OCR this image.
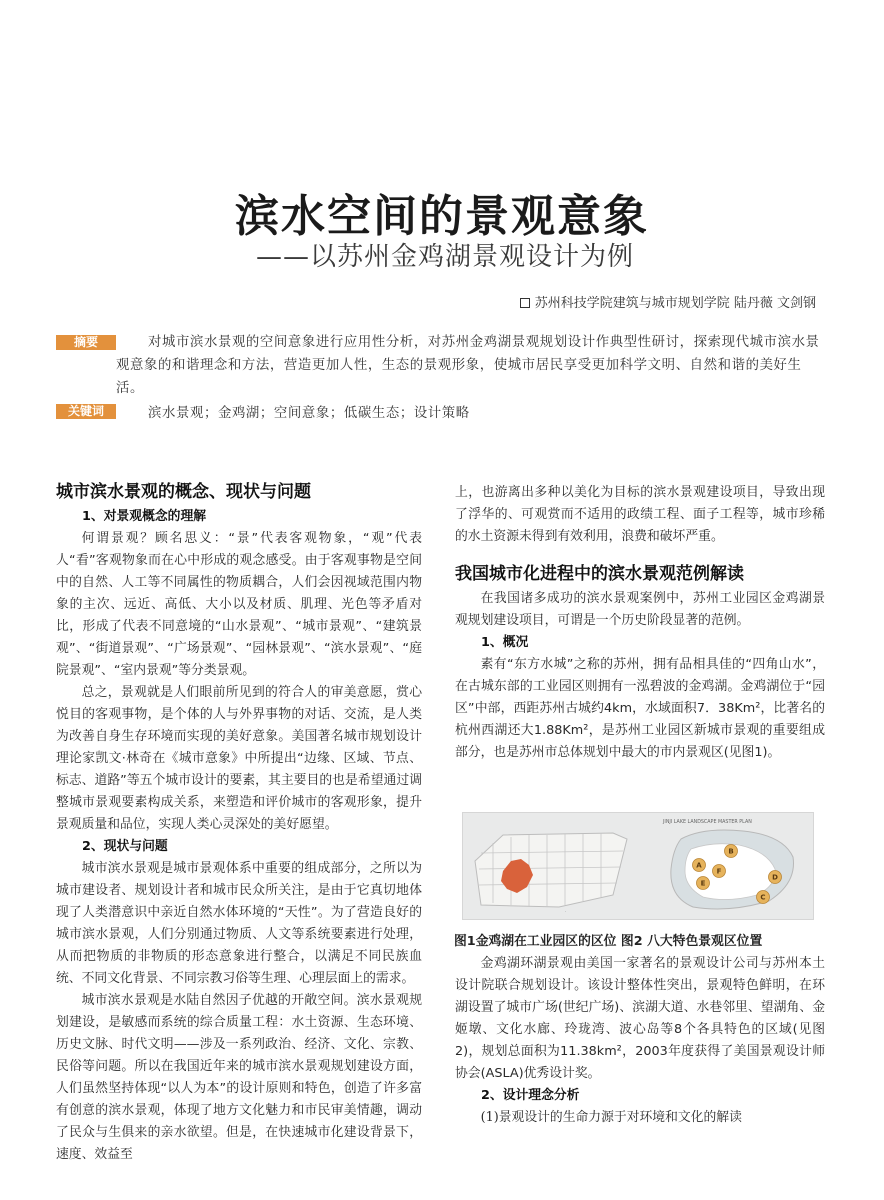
滨水空间的景观意象
——以苏州金鸡湖景观设计为例
苏州科技学院建筑与城市规划学院 陆丹薇 文剑钢
摘要	对城市滨水景观的空间意象进行应用性分析，对苏州金鸡湖景观规划设计作典型性研讨，探索现代城市滨水景观意象的和谐理念和方法，营造更加人性，生态的景观形象，使城市居民享受更加科学文明、自然和谐的美好生活。
关键词	滨水景观；金鸡湖；空间意象；低碳生态；设计策略
城市滨水景观的概念、现状与问题
1、对景观概念的理解

何谓景观？顾名思义：“景”代表客观物象，“观”代表人“看”客观物象而在心中形成的观念感受。由于客观事物是空间中的自然、人工等不同属性的物质耦合，人们会因视域范围内物象的主次、远近、高低、大小以及材质、肌理、光色等矛盾对比，形成了代表不同意境的“山水景观”、“城市景观”、“建筑景观”、“街道景观”、“广场景观”、“园林景观”、“滨水景观”、“庭院景观”、“室内景观”等分类景观。

总之，景观就是人们眼前所见到的符合人的审美意愿，赏心悦目的客观事物，是个体的人与外界事物的对话、交流，是人类为改善自身生存环境而实现的美好意象。美国著名城市规划设计理论家凯文·林奇在《城市意象》中所提出“边缘、区域、节点、标志、道路”等五个城市设计的要素，其主要目的也是希望通过调整城市景观要素构成关系，来塑造和评价城市的客观形象，提升景观质量和品位，实现人类心灵深处的美好愿望。

2、现状与问题

城市滨水景观是城市景观体系中重要的组成部分，之所以为城市建设者、规划设计者和城市民众所关注，是由于它真切地体现了人类潜意识中亲近自然水体环境的“天性”。为了营造良好的城市滨水景观，人们分别通过物质、人文等系统要素进行处理，从而把物质的非物质的形态意象进行整合，以满足不同民族血统、不同文化背景、不同宗教习俗等生理、心理层面上的需求。

城市滨水景观是水陆自然因子优越的开敞空间。滨水景观规划建设，是敏感而系统的综合质量工程：水土资源、生态环境、历史文脉、时代文明——涉及一系列政治、经济、文化、宗教、民俗等问题。所以在我国近年来的城市滨水景观规划建设方面，人们虽然坚持体现“以人为本”的设计原则和特色，创造了许多富有创意的滨水景观，体现了地方文化魅力和市民审美情趣，调动了民众与生俱来的亲水欲望。但是，在快速城市化建设背景下，速度、效益至

上，也游离出多种以美化为目标的滨水景观建设项目，导致出现了浮华的、可观赏而不适用的政绩工程、面子工程等，城市珍稀的水土资源未得到有效利用，浪费和破坏严重。

我国城市化进程中的滨水景观范例解读

在我国诸多成功的滨水景观案例中，苏州工业园区金鸡湖景观规划建设项目，可谓是一个历史阶段显著的范例。

1、概况

素有“东方水城”之称的苏州，拥有品相具佳的“四角山水”，在古城东部的工业园区则拥有一泓碧波的金鸡湖。金鸡湖位于“园区”中部，西距苏州古城约4km，水域面积7．38Km²，比著名的杭州西湖还大1.88Km²，是苏州工业园区新城市景观的重要组成部分，也是苏州市总体规划中最大的市内景观区(见图1)。

·
JINJI LAKE LANDSCAPE MASTER PLAN
A
B
C
D
E
F
图1金鸡湖在工业园区的区位 图2 八大特色景观区位置

金鸡湖环湖景观由美国一家著名的景观设计公司与苏州本土设计院联合规划设计。该设计整体性突出，景观特色鲜明，在环湖设置了城市广场(世纪广场)、滨湖大道、水巷邻里、望湖角、金姬墩、文化水廊、玲珑湾、波心岛等8个各具特色的区域(见图2)，规划总面积为11.38km²，2003年度获得了美国景观设计师协会(ASLA)优秀设计奖。

2、设计理念分析

(1)景观设计的生命力源于对环境和文化的解读
